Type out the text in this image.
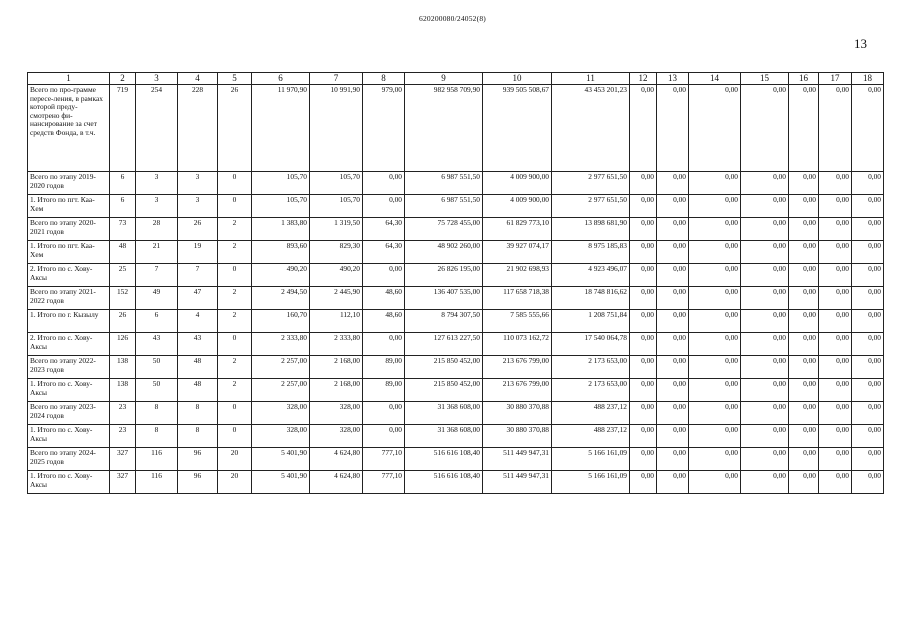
620200080/24052(8)
13
1	2	3	4	5	6	7	8	9	10	11	12	13	14	15	16	17	18
Всего по про-грамме пересе-ления, в рамках которой преду-смотрено фи-нансирование за счет средств Фонда, в т.ч.	719	254	228	26	11 970,90	10 991,90	979,00	982 958 709,90	939 505 508,67	43 453 201,23	0,00	0,00	0,00	0,00	0,00	0,00	0,00
Всего по этапу 2019-2020 годов	6	3	3	0	105,70	105,70	0,00	6 987 551,50	4 009 900,00	2 977 651,50	0,00	0,00	0,00	0,00	0,00	0,00	0,00
1. Итого по пгт. Каа-Хем	6	3	3	0	105,70	105,70	0,00	6 987 551,50	4 009 900,00	2 977 651,50	0,00	0,00	0,00	0,00	0,00	0,00	0,00
Всего по этапу 2020-2021 годов	73	28	26	2	1 383,80	1 319,50	64,30	75 728 455,00	61 829 773,10	13 898 681,90	0,00	0,00	0,00	0,00	0,00	0,00	0,00
1. Итого по пгт. Каа-Хем	48	21	19	2	893,60	829,30	64,30	48 902 260,00	39 927 074,17	8 975 185,83	0,00	0,00	0,00	0,00	0,00	0,00	0,00
2. Итого по с. Хову-Аксы	25	7	7	0	490,20	490,20	0,00	26 826 195,00	21 902 698,93	4 923 496,07	0,00	0,00	0,00	0,00	0,00	0,00	0,00
Всего по этапу 2021-2022 годов	152	49	47	2	2 494,50	2 445,90	48,60	136 407 535,00	117 658 718,38	18 748 816,62	0,00	0,00	0,00	0,00	0,00	0,00	0,00
1. Итого по г. Кызылу	26	6	4	2	160,70	112,10	48,60	8 794 307,50	7 585 555,66	1 208 751,84	0,00	0,00	0,00	0,00	0,00	0,00	0,00
2. Итого по с. Хову-Аксы	126	43	43	0	2 333,80	2 333,80	0,00	127 613 227,50	110 073 162,72	17 540 064,78	0,00	0,00	0,00	0,00	0,00	0,00	0,00
Всего по этапу 2022-2023 годов	138	50	48	2	2 257,00	2 168,00	89,00	215 850 452,00	213 676 799,00	2 173 653,00	0,00	0,00	0,00	0,00	0,00	0,00	0,00
1. Итого по с. Хову-Аксы	138	50	48	2	2 257,00	2 168,00	89,00	215 850 452,00	213 676 799,00	2 173 653,00	0,00	0,00	0,00	0,00	0,00	0,00	0,00
Всего по этапу 2023-2024 годов	23	8	8	0	328,00	328,00	0,00	31 368 608,00	30 880 370,88	488 237,12	0,00	0,00	0,00	0,00	0,00	0,00	0,00
1. Итого по с. Хову-Аксы	23	8	8	0	328,00	328,00	0,00	31 368 608,00	30 880 370,88	488 237,12	0,00	0,00	0,00	0,00	0,00	0,00	0,00
Всего по этапу 2024-2025 годов	327	116	96	20	5 401,90	4 624,80	777,10	516 616 108,40	511 449 947,31	5 166 161,09	0,00	0,00	0,00	0,00	0,00	0,00	0,00
1. Итого по с. Хову-Аксы	327	116	96	20	5 401,90	4 624,80	777,10	516 616 108,40	511 449 947,31	5 166 161,09	0,00	0,00	0,00	0,00	0,00	0,00	0,00
